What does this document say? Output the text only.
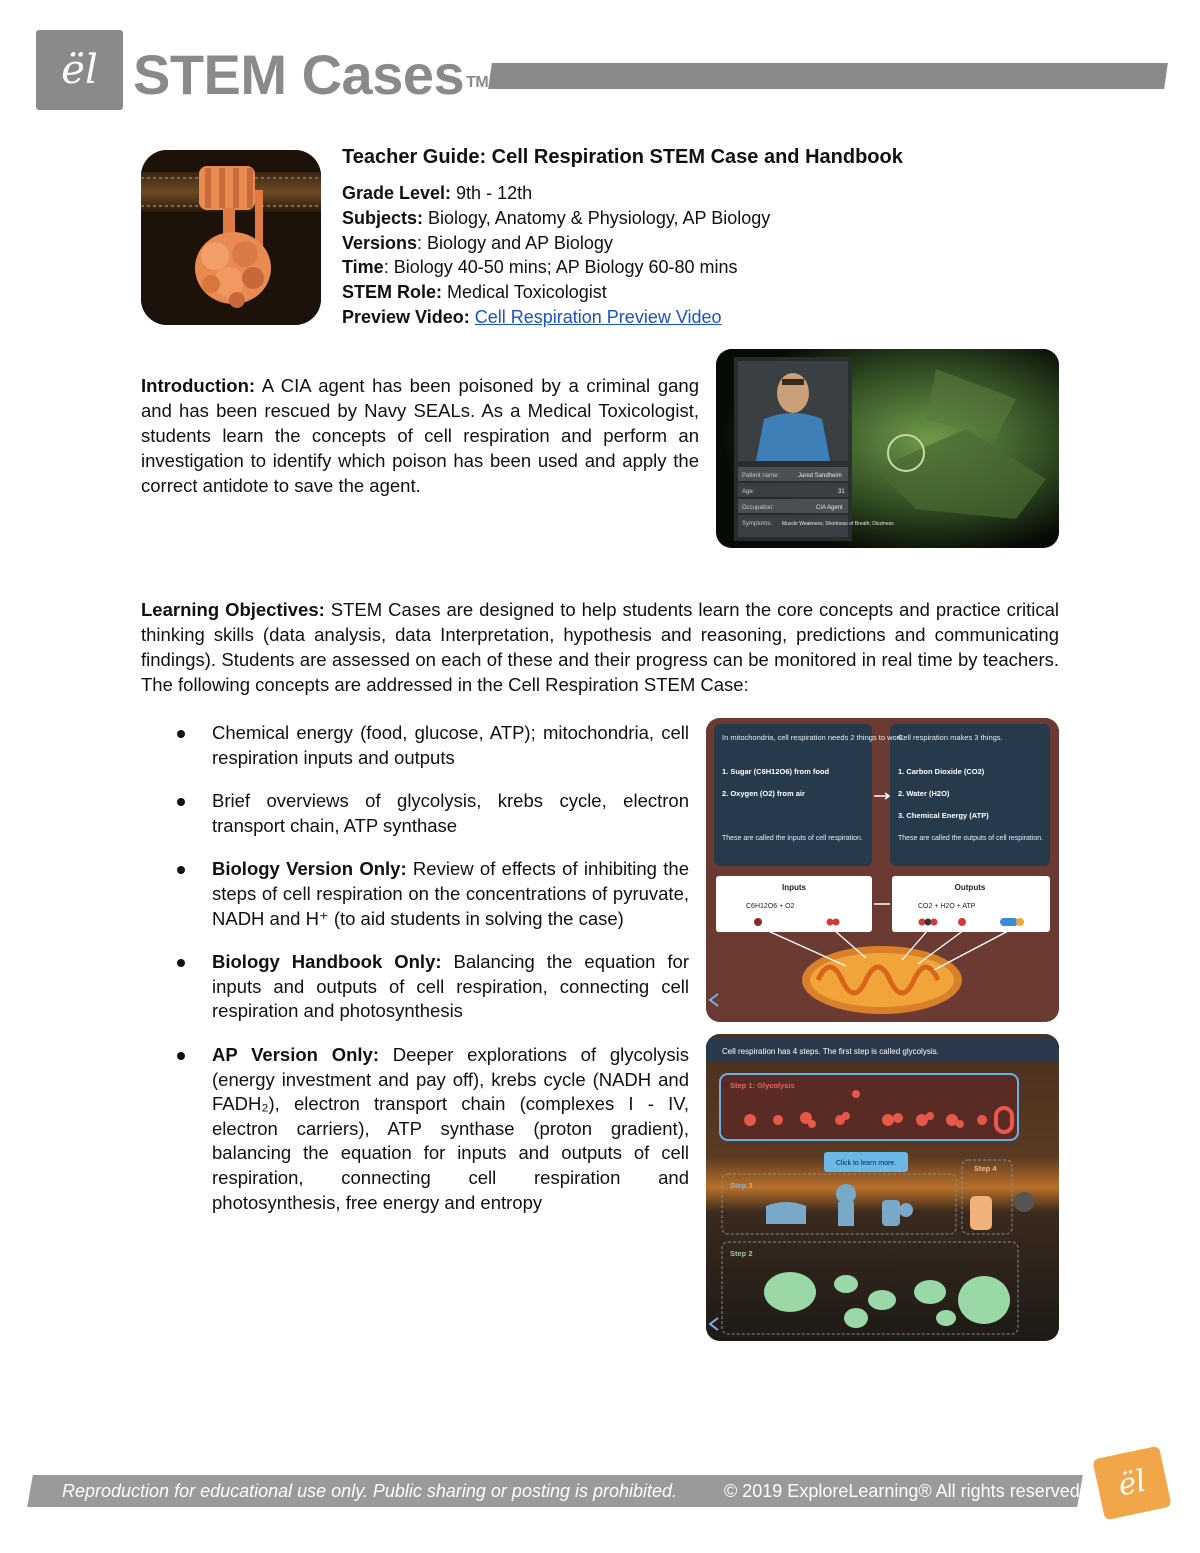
ël STEM Cases ™
Teacher Guide: Cell Respiration STEM Case and Handbook
Grade Level: 9th - 12th
Subjects: Biology, Anatomy & Physiology, AP Biology
Versions: Biology and AP Biology
Time: Biology 40-50 mins; AP Biology 60-80 mins
STEM Role: Medical Toxicologist
Preview Video: Cell Respiration Preview Video
Introduction: A CIA agent has been poisoned by a criminal gang and has been rescued by Navy SEALs. As a Medical Toxicologist, students learn the concepts of cell respiration and perform an investigation to identify which poison has been used and apply the correct antidote to save the agent.	Patient name:	Jared Sandheim
Age:	31
Occupation:	CIA Agent
Symptoms: Muscle Weakness; Shortness of Breath; Dizziness
Learning Objectives: STEM Cases are designed to help students learn the core concepts and practice critical thinking skills (data analysis, data Interpretation, hypothesis and reasoning, predictions and communicating findings). Students are assessed on each of these and their progress can be monitored in real time by teachers. The following concepts are addressed in the Cell Respiration STEM Case:
Chemical energy (food, glucose, ATP); mitochondria, cell respiration inputs and outputs
Brief overviews of glycolysis, krebs cycle, electron transport chain, ATP synthase
Biology Version Only: Review of effects of inhibiting the steps of cell respiration on the concentrations of pyruvate, NADH and H⁺ (to aid students in solving the case)
Biology Handbook Only: Balancing the equation for inputs and outputs of cell respiration, connecting cell respiration and photosynthesis
AP Version Only: Deeper explorations of glycolysis (energy investment and pay off), krebs cycle (NADH and FADH₂), electron transport chain (complexes I - IV, electron carriers), ATP synthase (proton gradient), balancing the equation for inputs and outputs of cell respiration, connecting cell respiration and photosynthesis, free energy and entropy
In mitochondria, cell respiration needs 2 things to work.
1. Sugar (C6H12O6) from food
2. Oxygen (O2) from air
These are called the inputs of cell respiration.
Cell respiration makes 3 things.
1. Carbon Dioxide (CO2)
2. Water (H2O)
3. Chemical Energy (ATP)
These are called the outputs of cell respiration.
Inputs
C6H12O6 + O2
Outputs
CO2 + H2O + ATP
Cell respiration has 4 steps. The first step is called glycolysis.
Step 1: Glycolysis
Click to learn more.
Step 3
Step 4
Step 2
Reproduction for educational use only. Public sharing or posting is prohibited.	© 2019 ExploreLearning® All rights reserved	ël
